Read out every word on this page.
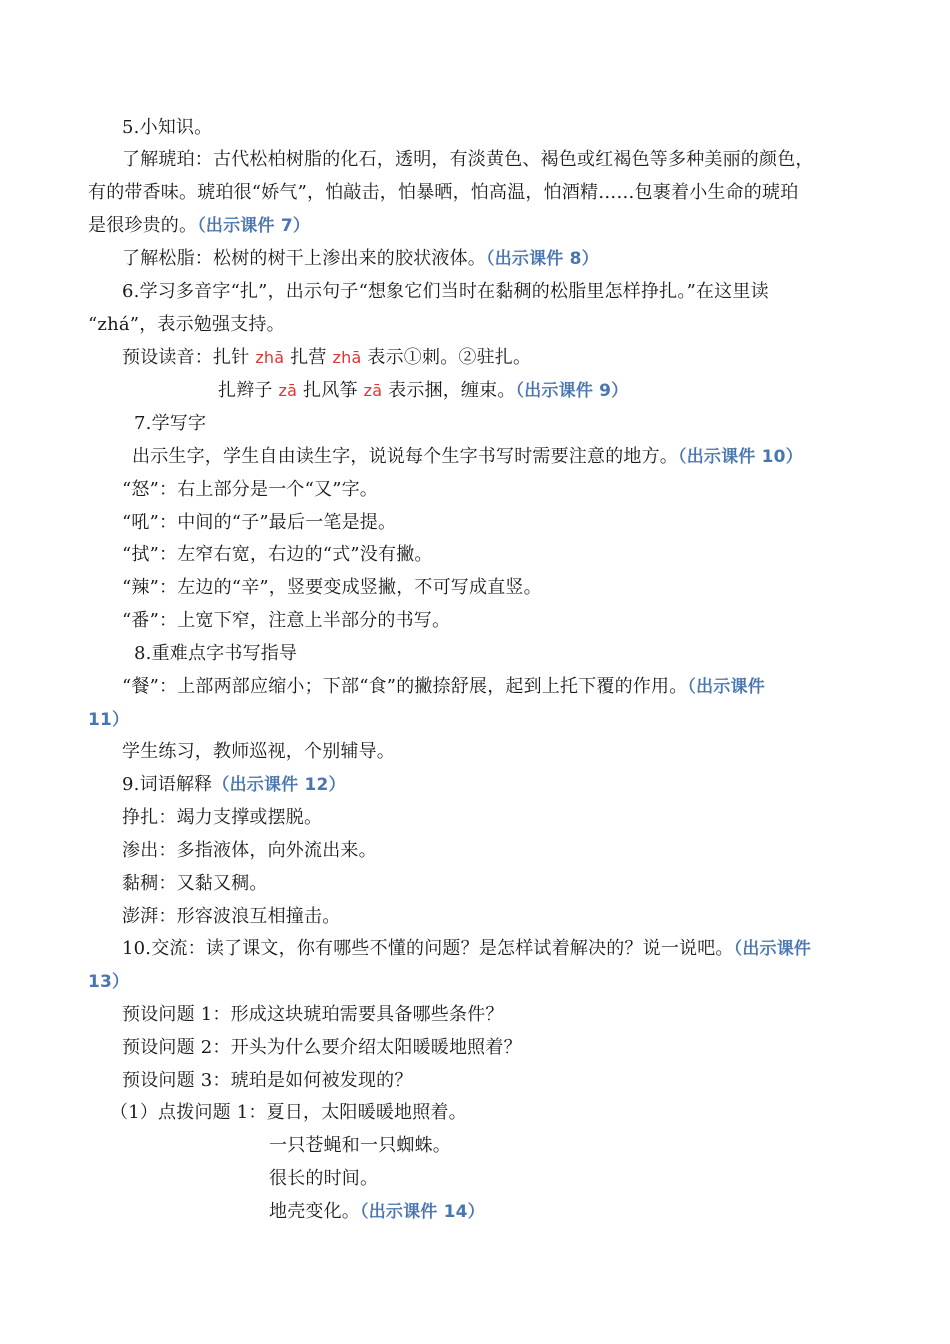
5.小知识。
了解琥珀：古代松柏树脂的化石，透明，有淡黄色、褐色或红褐色等多种美丽的颜色，
有的带香味。琥珀很“娇气”，怕敲击，怕暴晒，怕高温，怕酒精……包裹着小生命的琥珀
是很珍贵的。（出示课件 7）
了解松脂：松树的树干上渗出来的胶状液体。（出示课件 8）
6.学习多音字“扎”，出示句子“想象它们当时在黏稠的松脂里怎样挣扎。”在这里读
“zhá”，表示勉强支持。
预设读音：扎针 zhā 扎营 zhā 表示①刺。②驻扎。
扎辫子 zā 扎风筝 zā 表示捆，缠束。（出示课件 9）
7.学写字
出示生字，学生自由读生字，说说每个生字书写时需要注意的地方。（出示课件 10）
“怒”：右上部分是一个“又”字。
“吼”：中间的“子”最后一笔是提。
“拭”：左窄右宽，右边的“式”没有撇。
“辣”：左边的“辛”，竖要变成竖撇，不可写成直竖。
“番”：上宽下窄，注意上半部分的书写。
8.重难点字书写指导
“餐”：上部两部应缩小；下部“食”的撇捺舒展，起到上托下覆的作用。（出示课件
11）
学生练习，教师巡视，个别辅导。
9.词语解释（出示课件 12）
挣扎：竭力支撑或摆脱。
渗出：多指液体，向外流出来。
黏稠：又黏又稠。
澎湃：形容波浪互相撞击。
10.交流：读了课文，你有哪些不懂的问题？是怎样试着解决的？说一说吧。（出示课件
13）
预设问题 1：形成这块琥珀需要具备哪些条件？
预设问题 2：开头为什么要介绍太阳暖暖地照着？
预设问题 3：琥珀是如何被发现的？
（1）点拨问题 1：夏日，太阳暖暖地照着。
一只苍蝇和一只蜘蛛。
很长的时间。
地壳变化。（出示课件 14）
